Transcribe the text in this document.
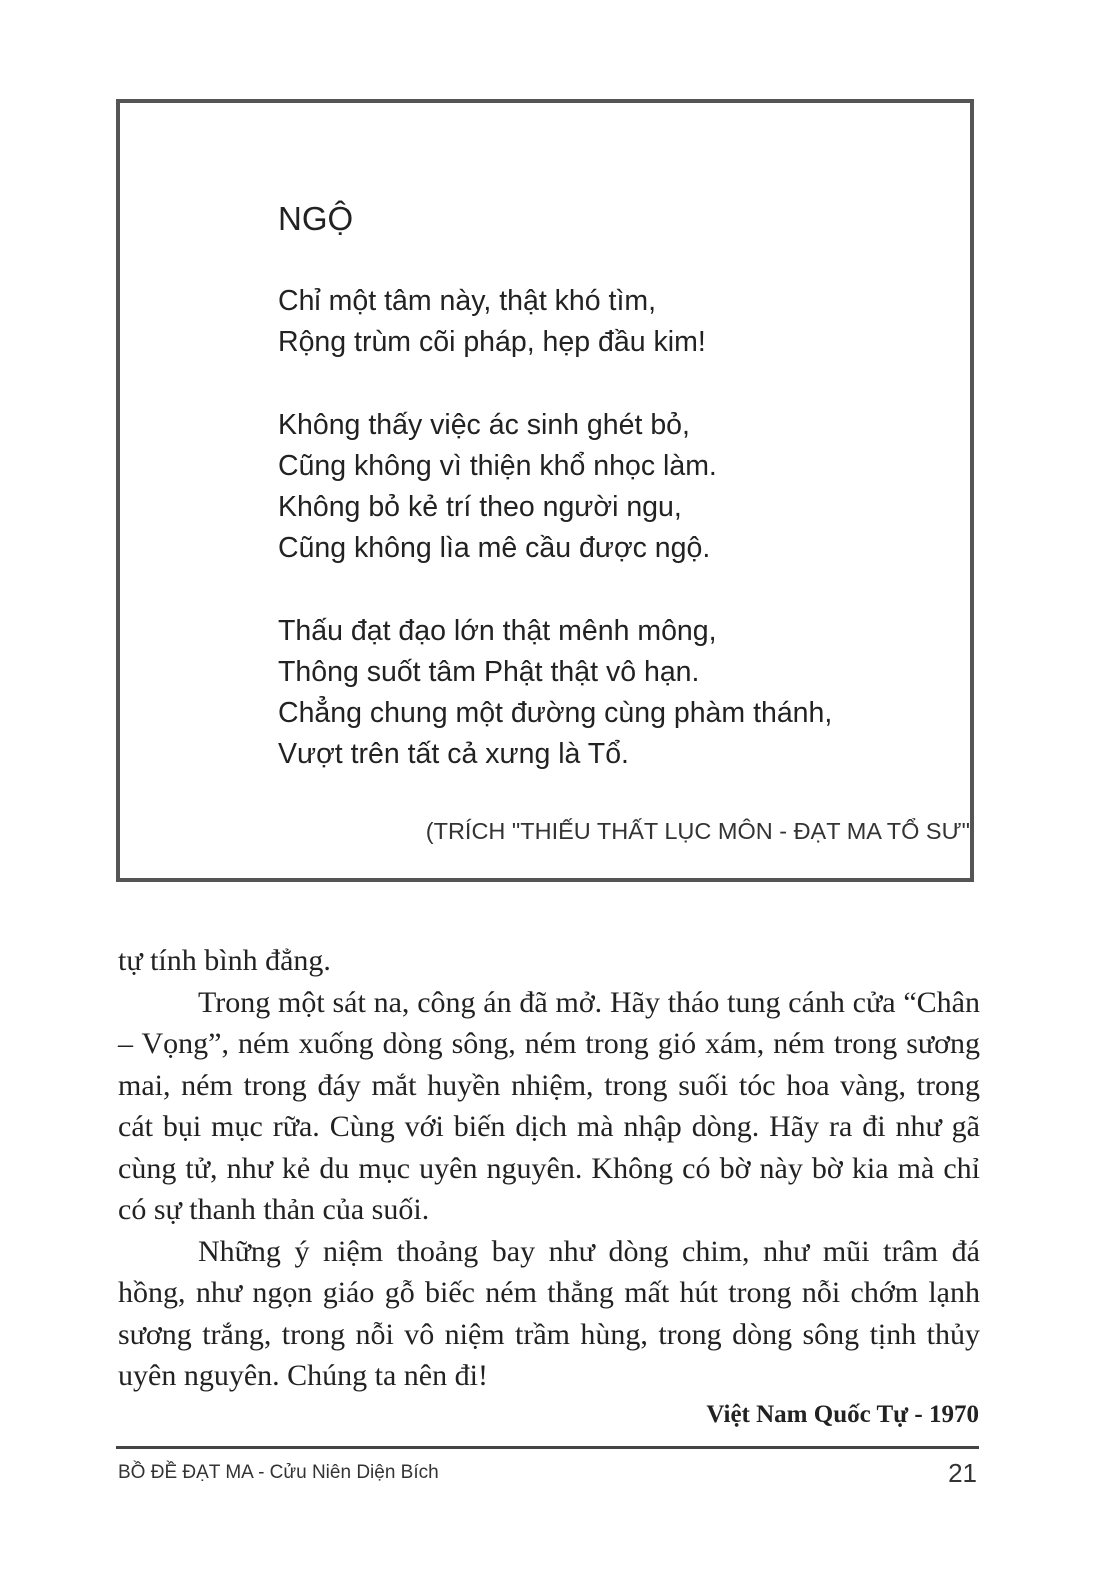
NGỘ
Chỉ một tâm này, thật khó tìm,
Rộng trùm cõi pháp, hẹp đầu kim!
Không thấy việc ác sinh ghét bỏ,
Cũng không vì thiện khổ nhọc làm.
Không bỏ kẻ trí theo người ngu,
Cũng không lìa mê cầu được ngộ.
Thấu đạt đạo lớn thật mênh mông,
Thông suốt tâm Phật thật vô hạn.
Chẳng chung một đường cùng phàm thánh,
Vượt trên tất cả xưng là Tổ.
(TRÍCH "THIẾU THẤT LỤC MÔN - ĐẠT MA TỔ SƯ"

tự tính bình đẳng.

Trong một sát na, công án đã mở. Hãy tháo tung cánh cửa “Chân – Vọng”, ném xuống dòng sông, ném trong gió xám, ném trong sương mai, ném trong đáy mắt huyền nhiệm, trong suối tóc hoa vàng, trong cát bụi mục rữa. Cùng với biến dịch mà nhập dòng. Hãy ra đi như gã cùng tử, như kẻ du mục uyên nguyên. Không có bờ này bờ kia mà chỉ có sự thanh thản của suối.

Những ý niệm thoảng bay như dòng chim, như mũi trâm đá hồng, như ngọn giáo gỗ biếc ném thẳng mất hút trong nỗi chớm lạnh sương trắng, trong nỗi vô niệm trầm hùng, trong dòng sông tịnh thủy uyên nguyên. Chúng ta nên đi!

Việt Nam Quốc Tự - 1970
BỒ ĐỀ ĐẠT MA - Cửu Niên Diện Bích	21
